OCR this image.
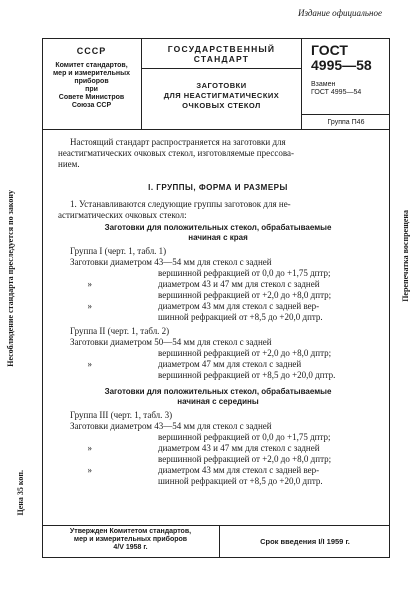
Издание официальное
СССР
Комитет стандартов,
мер и измерительных
приборов
при
Совете Министров
Союза ССР
ГОСУДАРСТВЕННЫЙ
СТАНДАРТ
ЗАГОТОВКИ
ДЛЯ НЕАСТИГМАТИЧЕСКИХ
ОЧКОВЫХ СТЕКОЛ
ГОСТ
4995—58
Взамен
ГОСТ 4995—54
Группа П46
Несоблюдение стандарта преследуется по закону	Перепечатка воспрещена
Цена 35 коп.

Настоящий стандарт распространяется на заготовки для
неастигматических очковых стекол, изготовляемые прессова-
нием.

I. ГРУППЫ, ФОРМА И РАЗМЕРЫ

1. Устанавливаются следующие группы заготовок для не-
астигматических очковых стекол:

Заготовки для положительных стекол, обрабатываемые
начиная с края

Группа I (черт. 1, табл. 1)

Заготовки диаметром 43—54 мм для стекол с задней

вершинной рефракцией от 0,0 до +1,75 дптр;

»	диаметром 43 и 47 мм для стекол с задней

вершинной рефракцией от +2,0 до +8,0 дптр;

»	диаметром 43 мм для стекол с задней вер-

шинной рефракцией от +8,5 до +20,0 дптр.

Группа II (черт. 1, табл. 2)

Заготовки диаметром 50—54 мм для стекол с задней

вершинной рефракцией от +2,0 до +8,0 дптр;

»	диаметром 47 мм для стекол с задней

вершинной рефракцией от +8,5 до +20,0 дптр.

Заготовки для положительных стекол, обрабатываемые
начиная с середины

Группа III (черт. 1, табл. 3)

Заготовки диаметром 43—54 мм для стекол с задней

вершинной рефракцией от 0,0 до +1,75 дптр;

»	диаметром 43 и 47 мм для стекол с задней

вершинной рефракцией от +2,0 до +8,0 дптр;

»	диаметром 43 мм для стекол с задней вер-

шинной рефракцией от +8,5 до +20,0 дптр.

Утвержден Комитетом стандартов,
мер и измерительных приборов
4/V 1958 г.
Срок введения I/I 1959 г.
